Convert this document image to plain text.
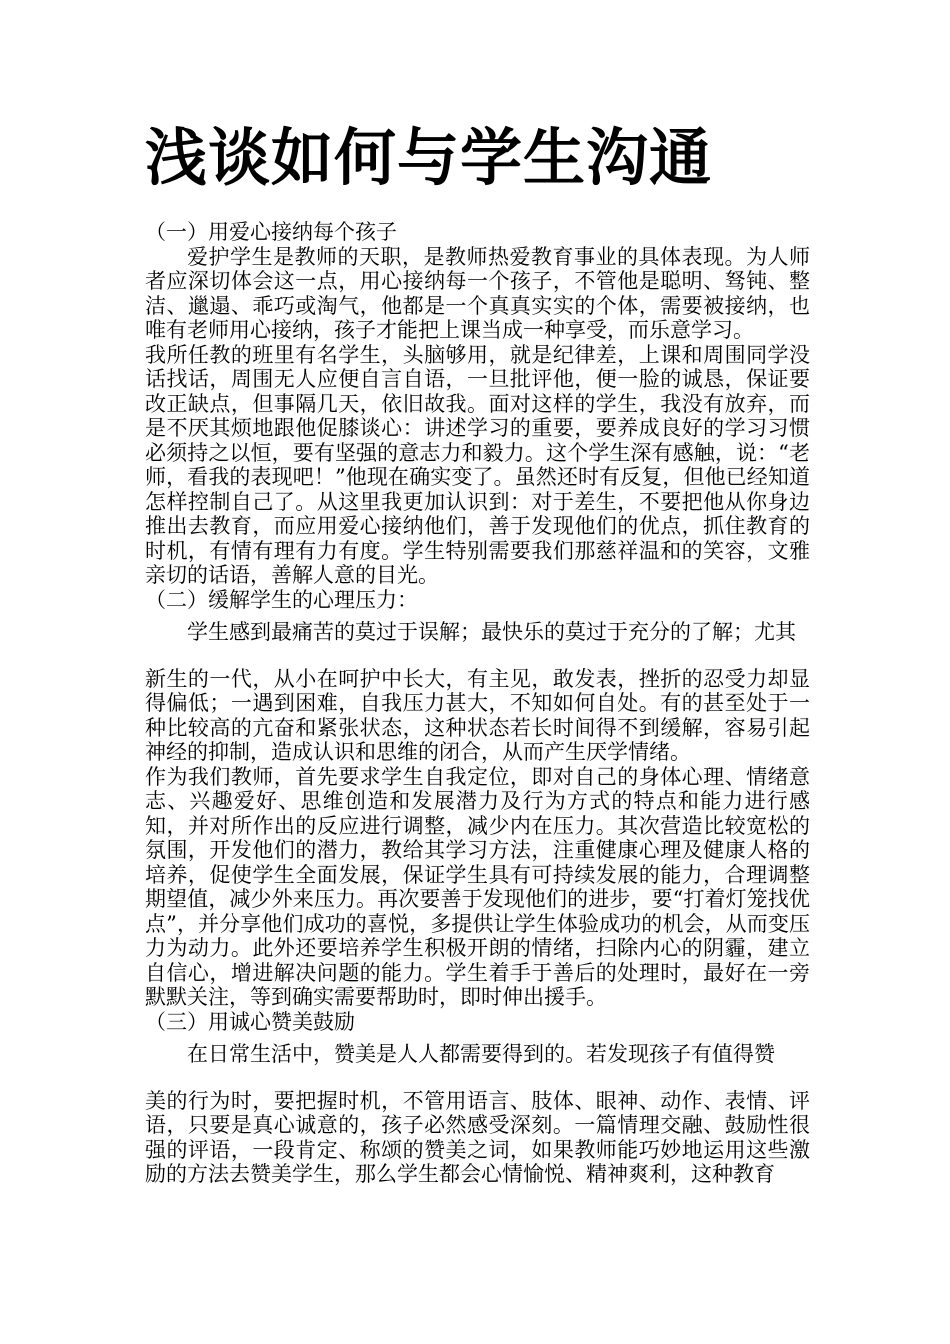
浅谈如何与学生沟通

（一）用爱心接纳每个孩子

爱护学生是教师的天职，是教师热爱教育事业的具体表现。为人师者应深切体会这一点，用心接纳每一个孩子，不管他是聪明、驽钝、整洁、邋遢、乖巧或淘气，他都是一个真真实实的个体，需要被接纳，也唯有老师用心接纳，孩子才能把上课当成一种享受，而乐意学习。

我所任教的班里有名学生，头脑够用，就是纪律差，上课和周围同学没话找话，周围无人应便自言自语，一旦批评他，便一脸的诚恳，保证要改正缺点，但事隔几天，依旧故我。面对这样的学生，我没有放弃，而是不厌其烦地跟他促膝谈心：讲述学习的重要，要养成良好的学习习惯必须持之以恒，要有坚强的意志力和毅力。这个学生深有感触，说：“老师，看我的表现吧！”他现在确实变了。虽然还时有反复，但他已经知道怎样控制自己了。从这里我更加认识到：对于差生，不要把他从你身边推出去教育，而应用爱心接纳他们，善于发现他们的优点，抓住教育的时机，有情有理有力有度。学生特别需要我们那慈祥温和的笑容，文雅亲切的话语，善解人意的目光。

（二）缓解学生的心理压力：

学生感到最痛苦的莫过于误解；最快乐的莫过于充分的了解；尤其

新生的一代，从小在呵护中长大，有主见，敢发表，挫折的忍受力却显得偏低；一遇到困难，自我压力甚大，不知如何自处。有的甚至处于一种比较高的亢奋和紧张状态，这种状态若长时间得不到缓解，容易引起神经的抑制，造成认识和思维的闭合，从而产生厌学情绪。

作为我们教师，首先要求学生自我定位，即对自己的身体心理、情绪意志、兴趣爱好、思维创造和发展潜力及行为方式的特点和能力进行感知，并对所作出的反应进行调整，减少内在压力。其次营造比较宽松的氛围，开发他们的潜力，教给其学习方法，注重健康心理及健康人格的培养，促使学生全面发展，保证学生具有可持续发展的能力，合理调整期望值，减少外来压力。再次要善于发现他们的进步，要“打着灯笼找优点”，并分享他们成功的喜悦，多提供让学生体验成功的机会，从而变压力为动力。此外还要培养学生积极开朗的情绪，扫除内心的阴霾，建立自信心，增进解决问题的能力。学生着手于善后的处理时，最好在一旁默默关注，等到确实需要帮助时，即时伸出援手。

（三）用诚心赞美鼓励

在日常生活中，赞美是人人都需要得到的。若发现孩子有值得赞

美的行为时，要把握时机，不管用语言、肢体、眼神、动作、表情、评语，只要是真心诚意的，孩子必然感受深刻。一篇情理交融、鼓励性很强的评语，一段肯定、称颂的赞美之词，如果教师能巧妙地运用这些激励的方法去赞美学生，那么学生都会心情愉悦、精神爽利，这种教育
